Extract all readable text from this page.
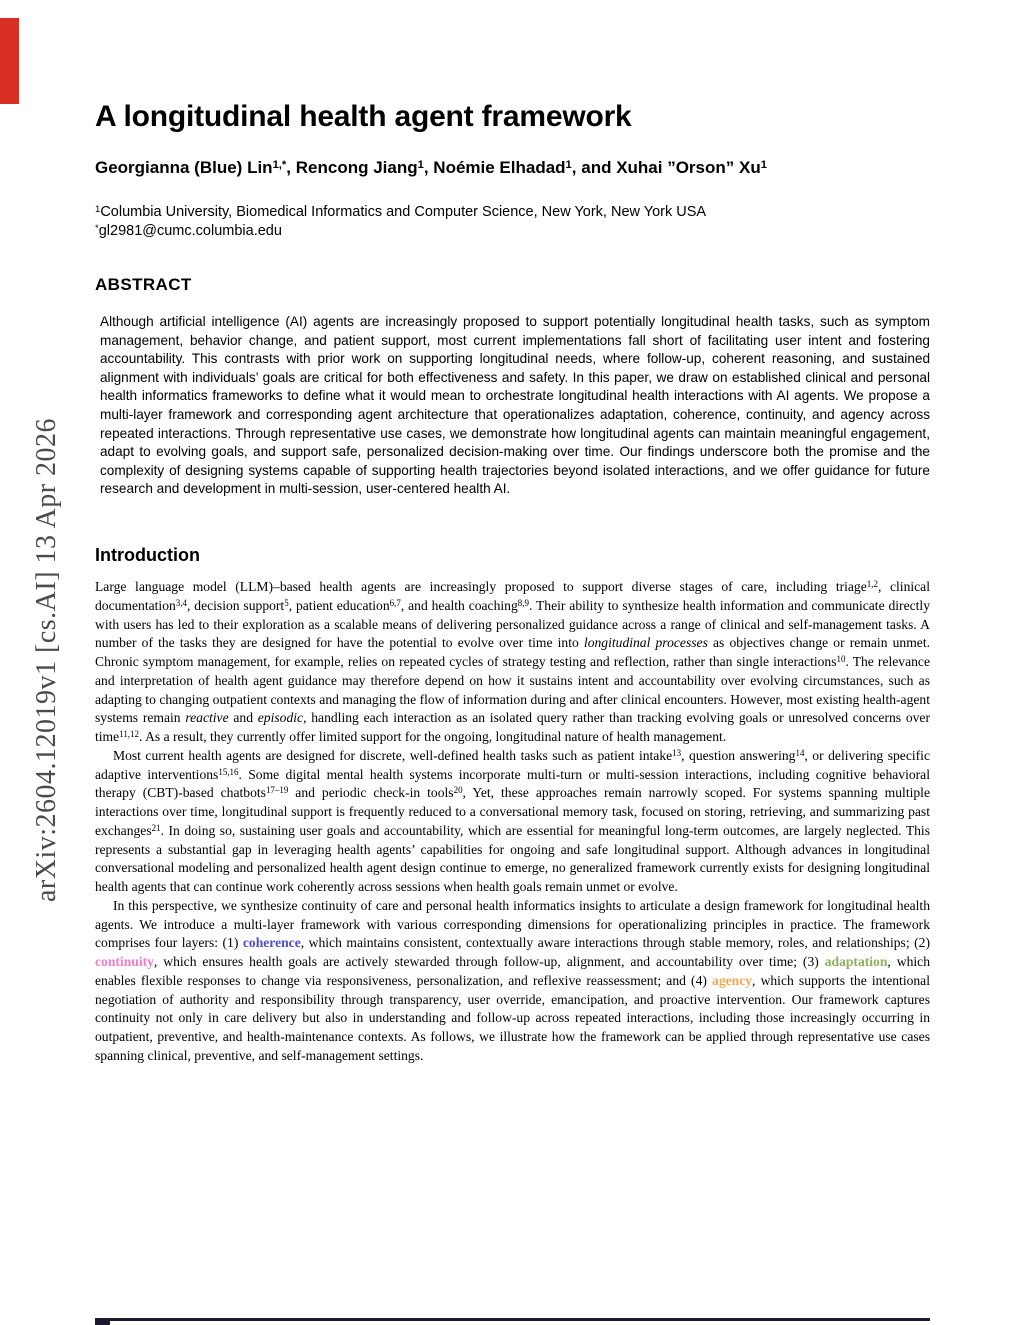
arXiv:2604.12019v1 [cs.AI] 13 Apr 2026
A longitudinal health agent framework

Georgianna (Blue) Lin$^{1,*}$, Rencong Jiang$^1$, Noémie Elhadad$^1$, and Xuhai ”Orson” Xu$^1$

$^1$Columbia University, Biomedical Informatics and Computer Science, New York, New York USA

*gl2981@cumc.columbia.edu

ABSTRACT

Although artificial intelligence (AI) agents are increasingly proposed to support potentially longitudinal health tasks, such as symptom management, behavior change, and patient support, most current implementations fall short of facilitating user intent and fostering accountability. This contrasts with prior work on supporting longitudinal needs, where follow-up, coherent reasoning, and sustained alignment with individuals’ goals are critical for both effectiveness and safety. In this paper, we draw on established clinical and personal health informatics frameworks to define what it would mean to orchestrate longitudinal health interactions with AI agents. We propose a multi-layer framework and corresponding agent architecture that operationalizes adaptation, coherence, continuity, and agency across repeated interactions. Through representative use cases, we demonstrate how longitudinal agents can maintain meaningful engagement, adapt to evolving goals, and support safe, personalized decision-making over time. Our findings underscore both the promise and the complexity of designing systems capable of supporting health trajectories beyond isolated interactions, and we offer guidance for future research and development in multi-session, user-centered health AI.

Introduction

Large language model (LLM)–based health agents are increasingly proposed to support diverse stages of care, including triage$^{1,2}$, clinical documentation$^{3,4}$, decision support$^5$, patient education$^{6,7}$, and health coaching$^{8,9}$. Their ability to synthesize health information and communicate directly with users has led to their exploration as a scalable means of delivering personalized guidance across a range of clinical and self-management tasks. A number of the tasks they are designed for have the potential to evolve over time into longitudinal processes as objectives change or remain unmet. Chronic symptom management, for example, relies on repeated cycles of strategy testing and reflection, rather than single interactions$^{10}$. The relevance and interpretation of health agent guidance may therefore depend on how it sustains intent and accountability over evolving circumstances, such as adapting to changing outpatient contexts and managing the flow of information during and after clinical encounters. However, most existing health-agent systems remain reactive and episodic, handling each interaction as an isolated query rather than tracking evolving goals or unresolved concerns over time$^{11,12}$. As a result, they currently offer limited support for the ongoing, longitudinal nature of health management.

Most current health agents are designed for discrete, well-defined health tasks such as patient intake$^{13}$, question answering$^{14}$, or delivering specific adaptive interventions$^{15,16}$. Some digital mental health systems incorporate multi-turn or multi-session interactions, including cognitive behavioral therapy (CBT)-based chatbots$^{17-19}$ and periodic check-in tools$^{20}$, Yet, these approaches remain narrowly scoped. For systems spanning multiple interactions over time, longitudinal support is frequently reduced to a conversational memory task, focused on storing, retrieving, and summarizing past exchanges$^{21}$. In doing so, sustaining user goals and accountability, which are essential for meaningful long-term outcomes, are largely neglected. This represents a substantial gap in leveraging health agents’ capabilities for ongoing and safe longitudinal support. Although advances in longitudinal conversational modeling and personalized health agent design continue to emerge, no generalized framework currently exists for designing longitudinal health agents that can continue work coherently across sessions when health goals remain unmet or evolve.

In this perspective, we synthesize continuity of care and personal health informatics insights to articulate a design framework for longitudinal health agents. We introduce a multi-layer framework with various corresponding dimensions for operationalizing principles in practice. The framework comprises four layers: (1) coherence, which maintains consistent, contextually aware interactions through stable memory, roles, and relationships; (2) continuity, which ensures health goals are actively stewarded through follow-up, alignment, and accountability over time; (3) adaptation, which enables flexible responses to change via responsiveness, personalization, and reflexive reassessment; and (4) agency, which supports the intentional negotiation of authority and responsibility through transparency, user override, emancipation, and proactive intervention. Our framework captures continuity not only in care delivery but also in understanding and follow-up across repeated interactions, including those increasingly occurring in outpatient, preventive, and health-maintenance contexts. As follows, we illustrate how the framework can be applied through representative use cases spanning clinical, preventive, and self-management settings.
